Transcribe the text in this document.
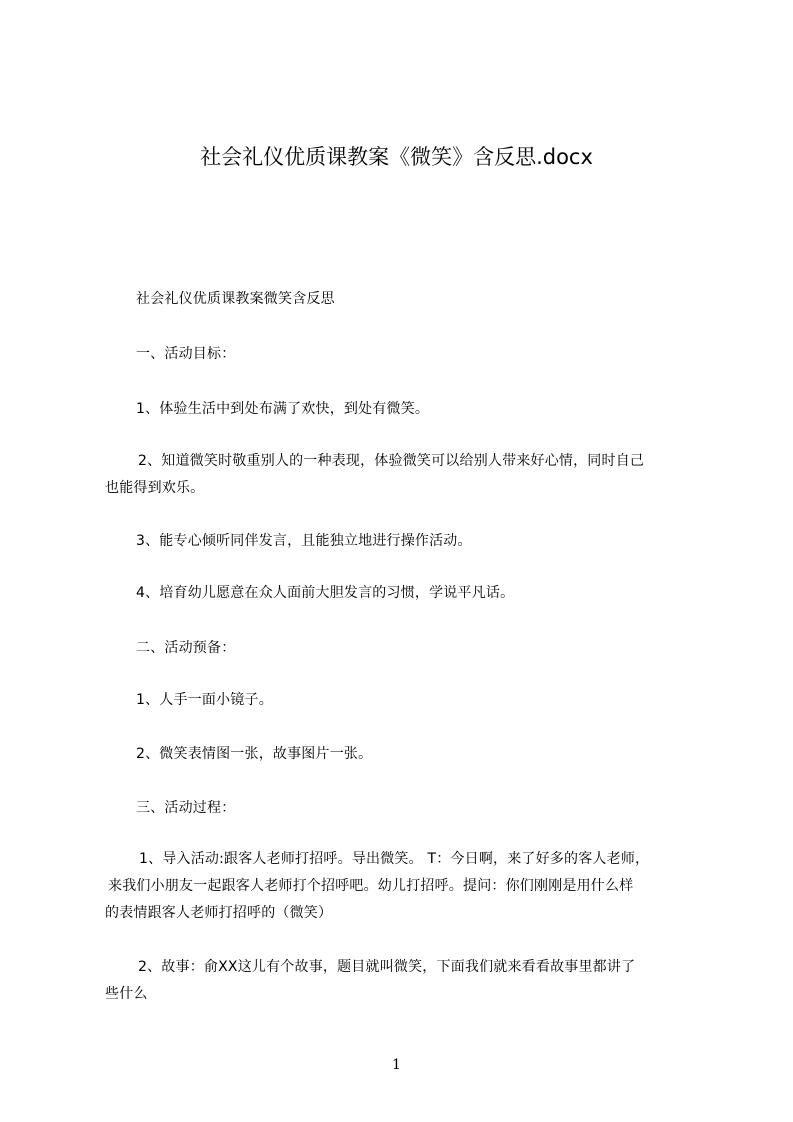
社会礼仪优质课教案《微笑》含反思.docx
社会礼仪优质课教案微笑含反思
一、活动目标：
1、体验生活中到处布满了欢快，到处有微笑。
2、知道微笑时敬重别人的一种表现，体验微笑可以给别人带来好心情，同时自己
也能得到欢乐。
3、能专心倾听同伴发言，且能独立地进行操作活动。
4、培育幼儿愿意在众人面前大胆发言的习惯，学说平凡话。
二、活动预备：
1、人手一面小镜子。
2、微笑表情图一张，故事图片一张。
三、活动过程：
1、导入活动:跟客人老师打招呼。导出微笑。 T：今日啊，来了好多的客人老师，
来我们小朋友一起跟客人老师打个招呼吧。幼儿打招呼。提问：你们刚刚是用什么样
的表情跟客人老师打招呼的（微笑）
2、故事：俞XX这儿有个故事，题目就叫微笑，下面我们就来看看故事里都讲了
些什么
1
